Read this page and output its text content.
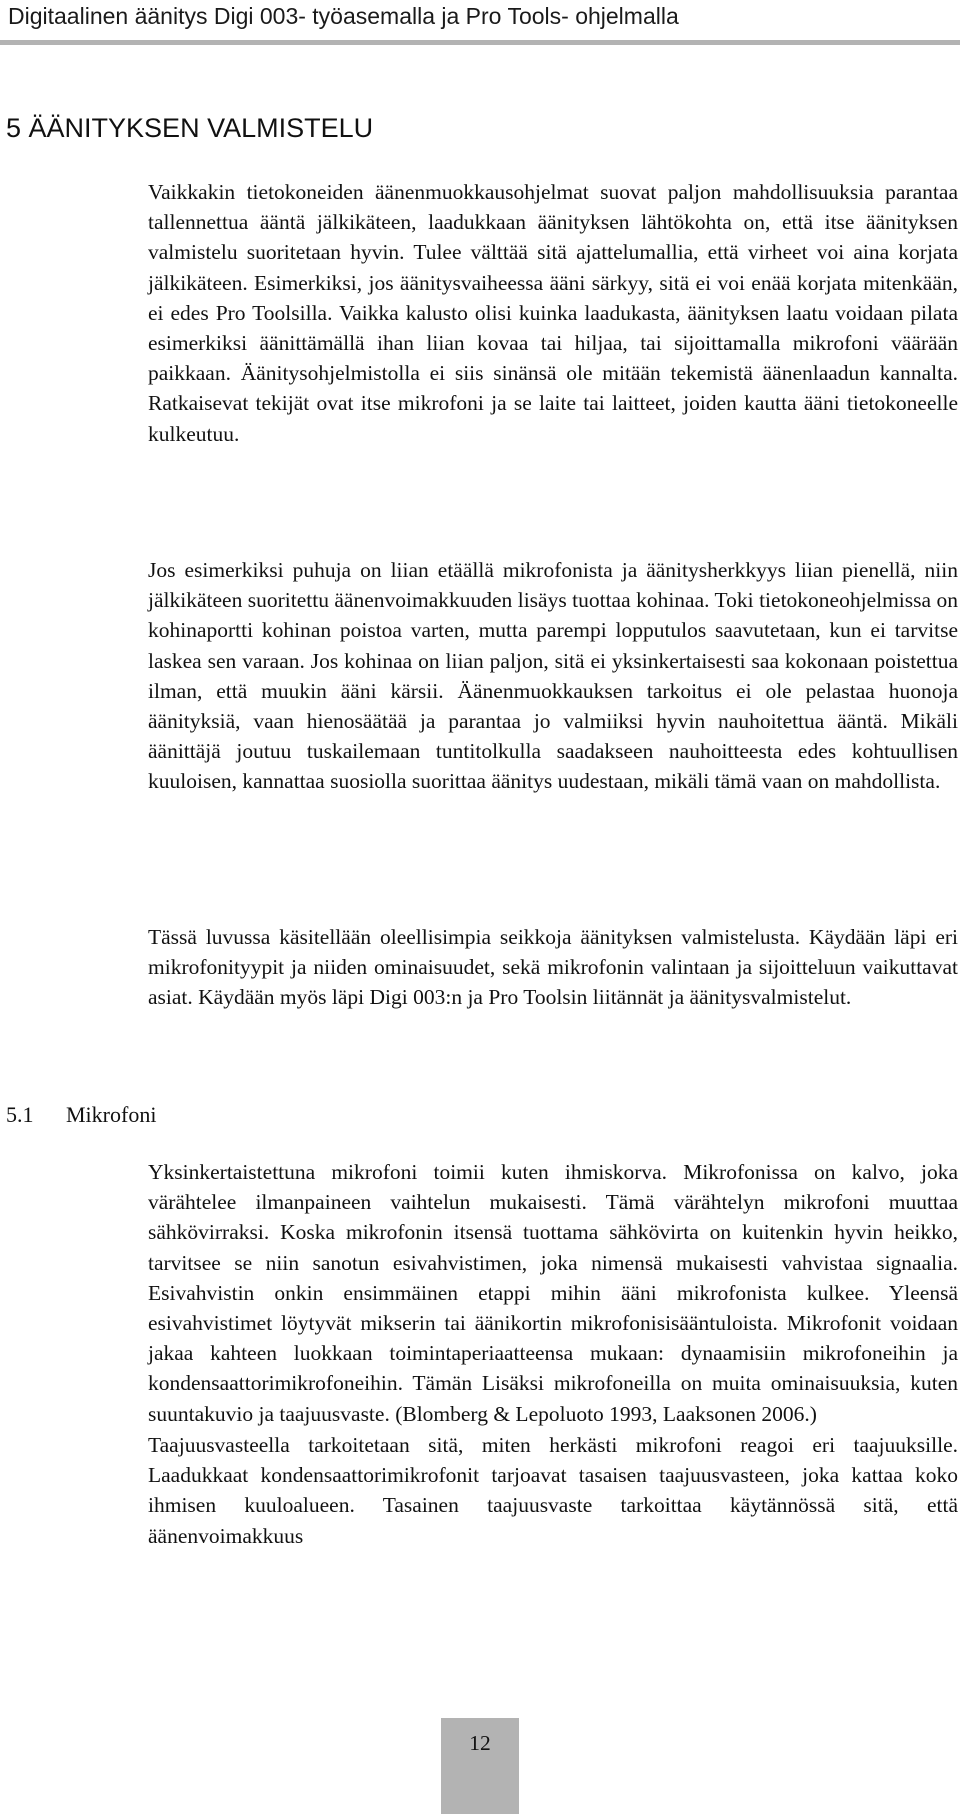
Digitaalinen äänitys Digi 003- työasemalla ja Pro Tools- ohjelmalla
5 ÄÄNITYKSEN VALMISTELU

Vaikkakin tietokoneiden äänenmuokkausohjelmat suovat paljon mahdollisuuksia parantaa tallennettua ääntä jälkikäteen, laadukkaan äänityksen lähtökohta on, että itse äänityksen valmistelu suoritetaan hyvin. Tulee välttää sitä ajattelumallia, että virheet voi aina korjata jälkikäteen. Esimerkiksi, jos äänitysvaiheessa ääni särkyy, sitä ei voi enää korjata mitenkään, ei edes Pro Toolsilla. Vaikka kalusto olisi kuinka laadukasta, äänityksen laatu voidaan pilata esimerkiksi äänittämällä ihan liian kovaa tai hiljaa, tai sijoittamalla mikrofoni väärään paikkaan. Äänitysohjelmistolla ei siis sinänsä ole mitään tekemistä äänenlaadun kannalta. Ratkaisevat tekijät ovat itse mikrofoni ja se laite tai laitteet, joiden kautta ääni tietokoneelle kulkeutuu.

Jos esimerkiksi puhuja on liian etäällä mikrofonista ja äänitysherkkyys liian pienellä, niin jälkikäteen suoritettu äänenvoimakkuuden lisäys tuottaa kohinaa. Toki tietokoneohjelmissa on kohinaportti kohinan poistoa varten, mutta parempi lopputulos saavutetaan, kun ei tarvitse laskea sen varaan. Jos kohinaa on liian paljon, sitä ei yksinkertaisesti saa kokonaan poistettua ilman, että muukin ääni kärsii. Äänenmuokkauksen tarkoitus ei ole pelastaa huonoja äänityksiä, vaan hienosäätää ja parantaa jo valmiiksi hyvin nauhoitettua ääntä. Mikäli äänittäjä joutuu tuskailemaan tuntitolkulla saadakseen nauhoitteesta edes kohtuullisen kuuloisen, kannattaa suosiolla suorittaa äänitys uudestaan, mikäli tämä vaan on mahdollista.

Tässä luvussa käsitellään oleellisimpia seikkoja äänityksen valmistelusta. Käydään läpi eri mikrofonityypit ja niiden ominaisuudet, sekä mikrofonin valintaan ja sijoitteluun vaikuttavat asiat. Käydään myös läpi Digi 003:n ja Pro Toolsin liitännät ja äänitysvalmistelut.

5.1 Mikrofoni

Yksinkertaistettuna mikrofoni toimii kuten ihmiskorva. Mikrofonissa on kalvo, joka värähtelee ilmanpaineen vaihtelun mukaisesti. Tämä värähtelyn mikrofoni muuttaa sähkövirraksi. Koska mikrofonin itsensä tuottama sähkövirta on kuitenkin hyvin heikko, tarvitsee se niin sanotun esivahvistimen, joka nimensä mukaisesti vahvistaa signaalia. Esivahvistin onkin ensimmäinen etappi mihin ääni mikrofonista kulkee. Yleensä esivahvistimet löytyvät mikserin tai äänikortin mikrofonisisääntuloista. Mikrofonit voidaan jakaa kahteen luokkaan toimintaperiaatteensa mukaan: dynaamisiin mikrofoneihin ja kondensaattorimikrofoneihin. Tämän Lisäksi mikrofoneilla on muita ominaisuuksia, kuten suuntakuvio ja taajuusvaste. (Blomberg & Lepoluoto 1993, Laaksonen 2006.)

Taajuusvasteella tarkoitetaan sitä, miten herkästi mikrofoni reagoi eri taajuuksille. Laadukkaat kondensaattorimikrofonit tarjoavat tasaisen taajuusvasteen, joka kattaa koko ihmisen kuuloalueen. Tasainen taajuusvaste tarkoittaa käytännössä sitä, että äänenvoimakkuus

12
